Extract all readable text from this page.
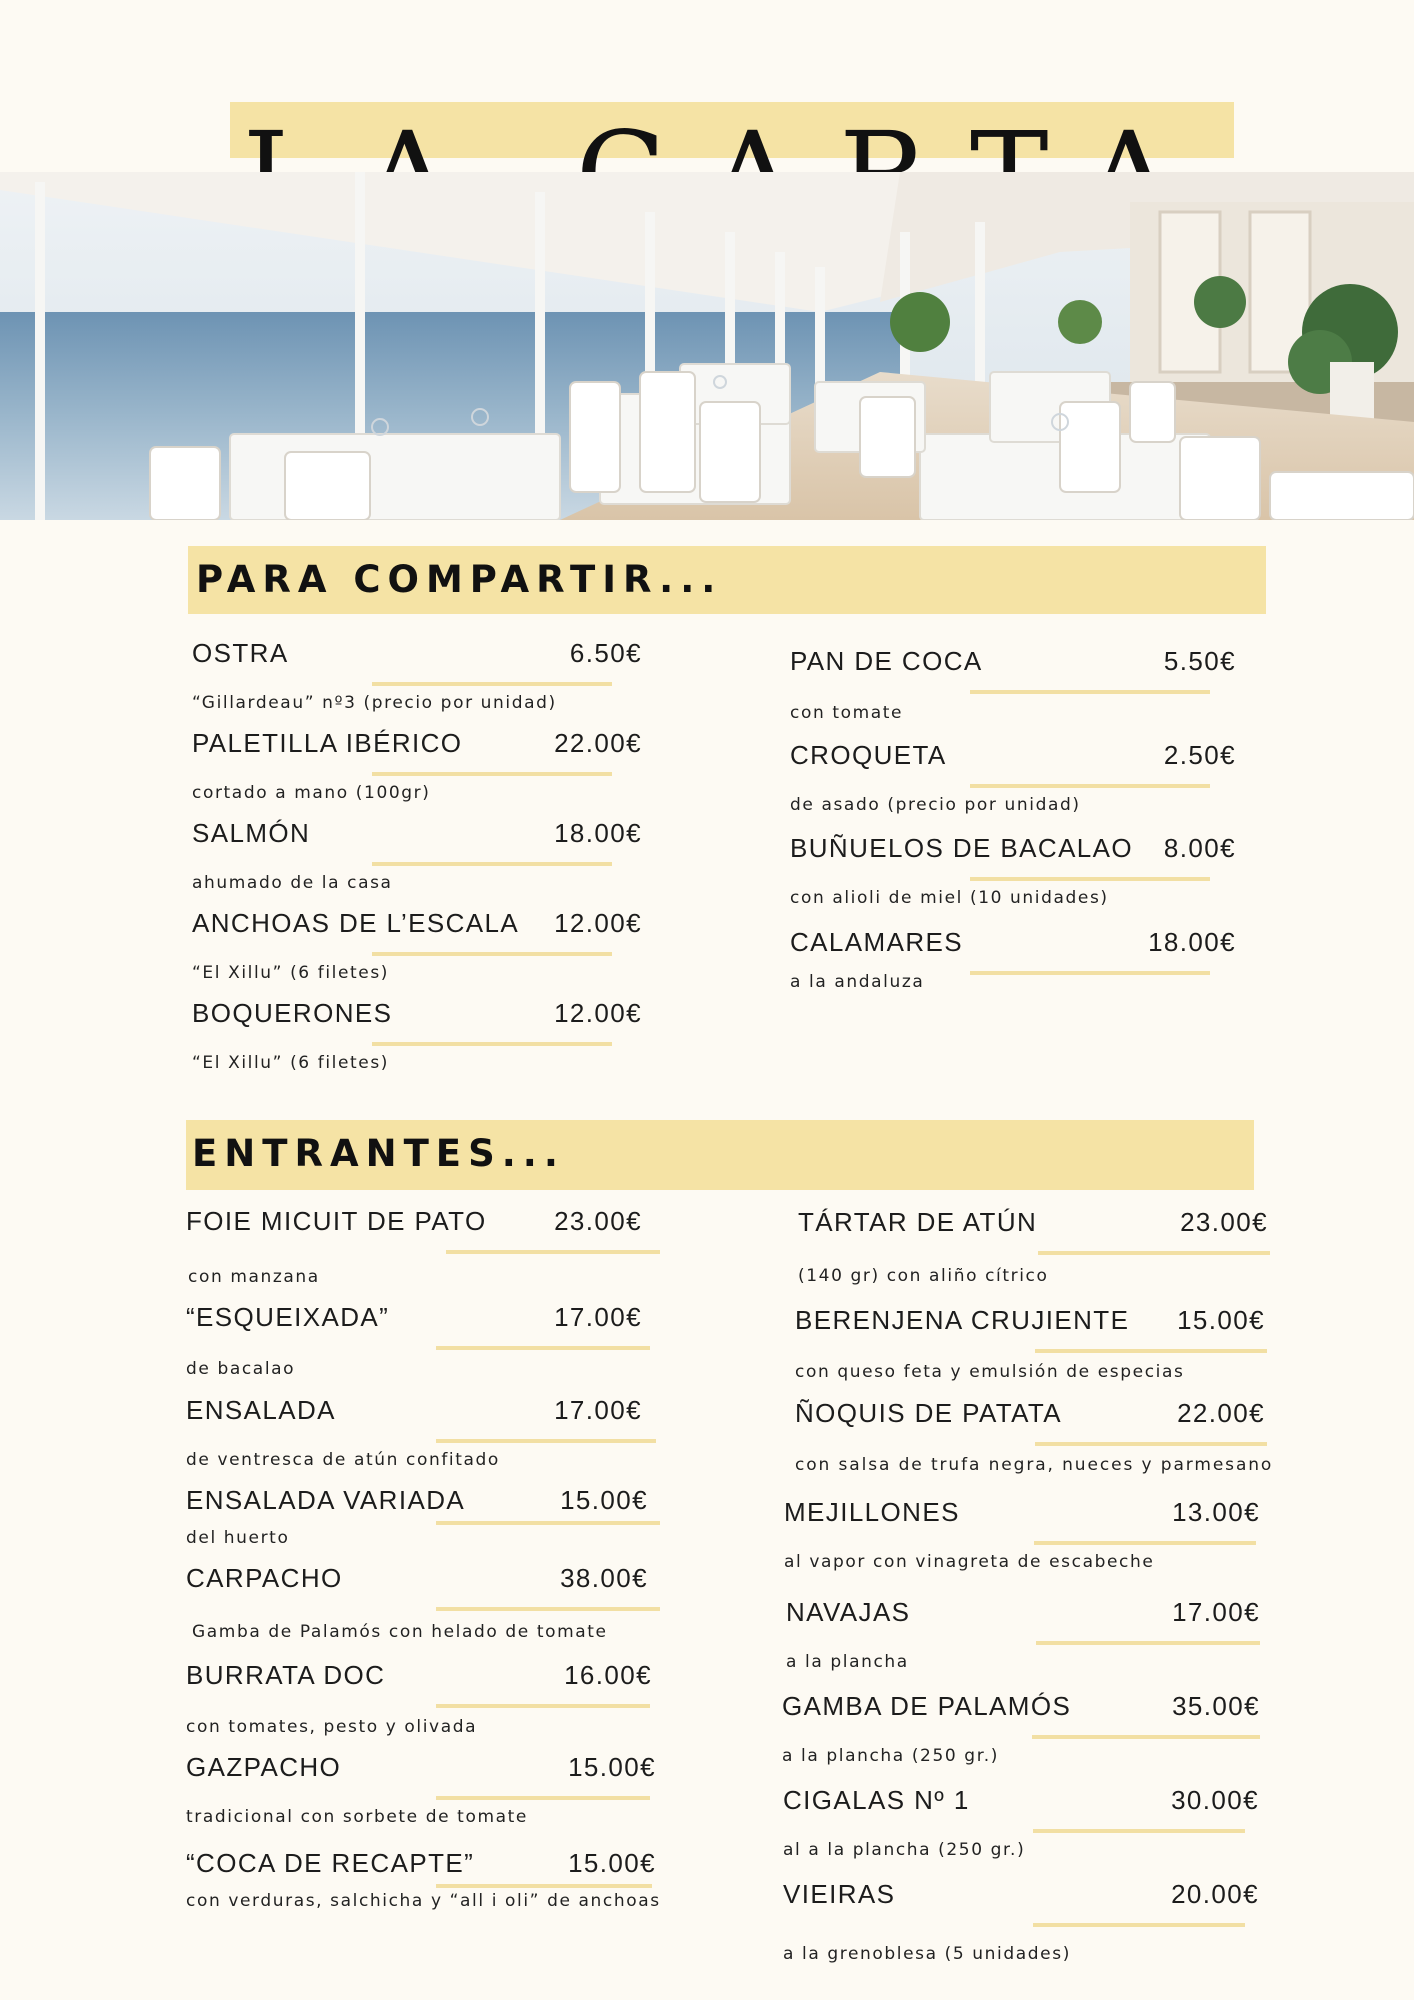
PARA COMPARTIR...
OSTRA	6.50€
“Gillardeau” nº3 (precio por unidad)
PALETILLA IBÉRICO	22.00€
cortado a mano (100gr)
SALMÓN	18.00€
ahumado de la casa
ANCHOAS DE L’ESCALA 12.00€
“El Xillu” (6 filetes)
BOQUERONES	12.00€
“El Xillu” (6 filetes)
PAN DE COCA	5.50€
con tomate
CROQUETA	2.50€
de asado (precio por unidad)
BUÑUELOS DE BACALAO 8.00€
con alioli de miel (10 unidades)
CALAMARES	18.00€
a la andaluza
ENTRANTES...
FOIE MICUIT DE PATO	23.00€
con manzana
“ESQUEIXADA”	17.00€
de bacalao
ENSALADA	17.00€
de ventresca de atún confitado
ENSALADA VARIADA	15.00€
del huerto
CARPACHO	38.00€
Gamba de Palamós con helado de tomate
BURRATA DOC	16.00€
con tomates, pesto y olivada
GAZPACHO	15.00€
tradicional con sorbete de tomate
“COCA DE RECAPTE”	15.00€
con verduras, salchicha y “all i oli” de anchoas
TÁRTAR DE ATÚN	23.00€
(140 gr) con aliño cítrico
BERENJENA CRUJIENTE 15.00€
con queso feta y emulsión de especias
ÑOQUIS DE PATATA	22.00€
con salsa de trufa negra, nueces y parmesano
MEJILLONES	13.00€
al vapor con vinagreta de escabeche
NAVAJAS	17.00€
a la plancha
GAMBA DE PALAMÓS	35.00€
a la plancha (250 gr.)
CIGALAS Nº 1	30.00€
al a la plancha (250 gr.)
VIEIRAS	20.00€
a la grenoblesa (5 unidades)
